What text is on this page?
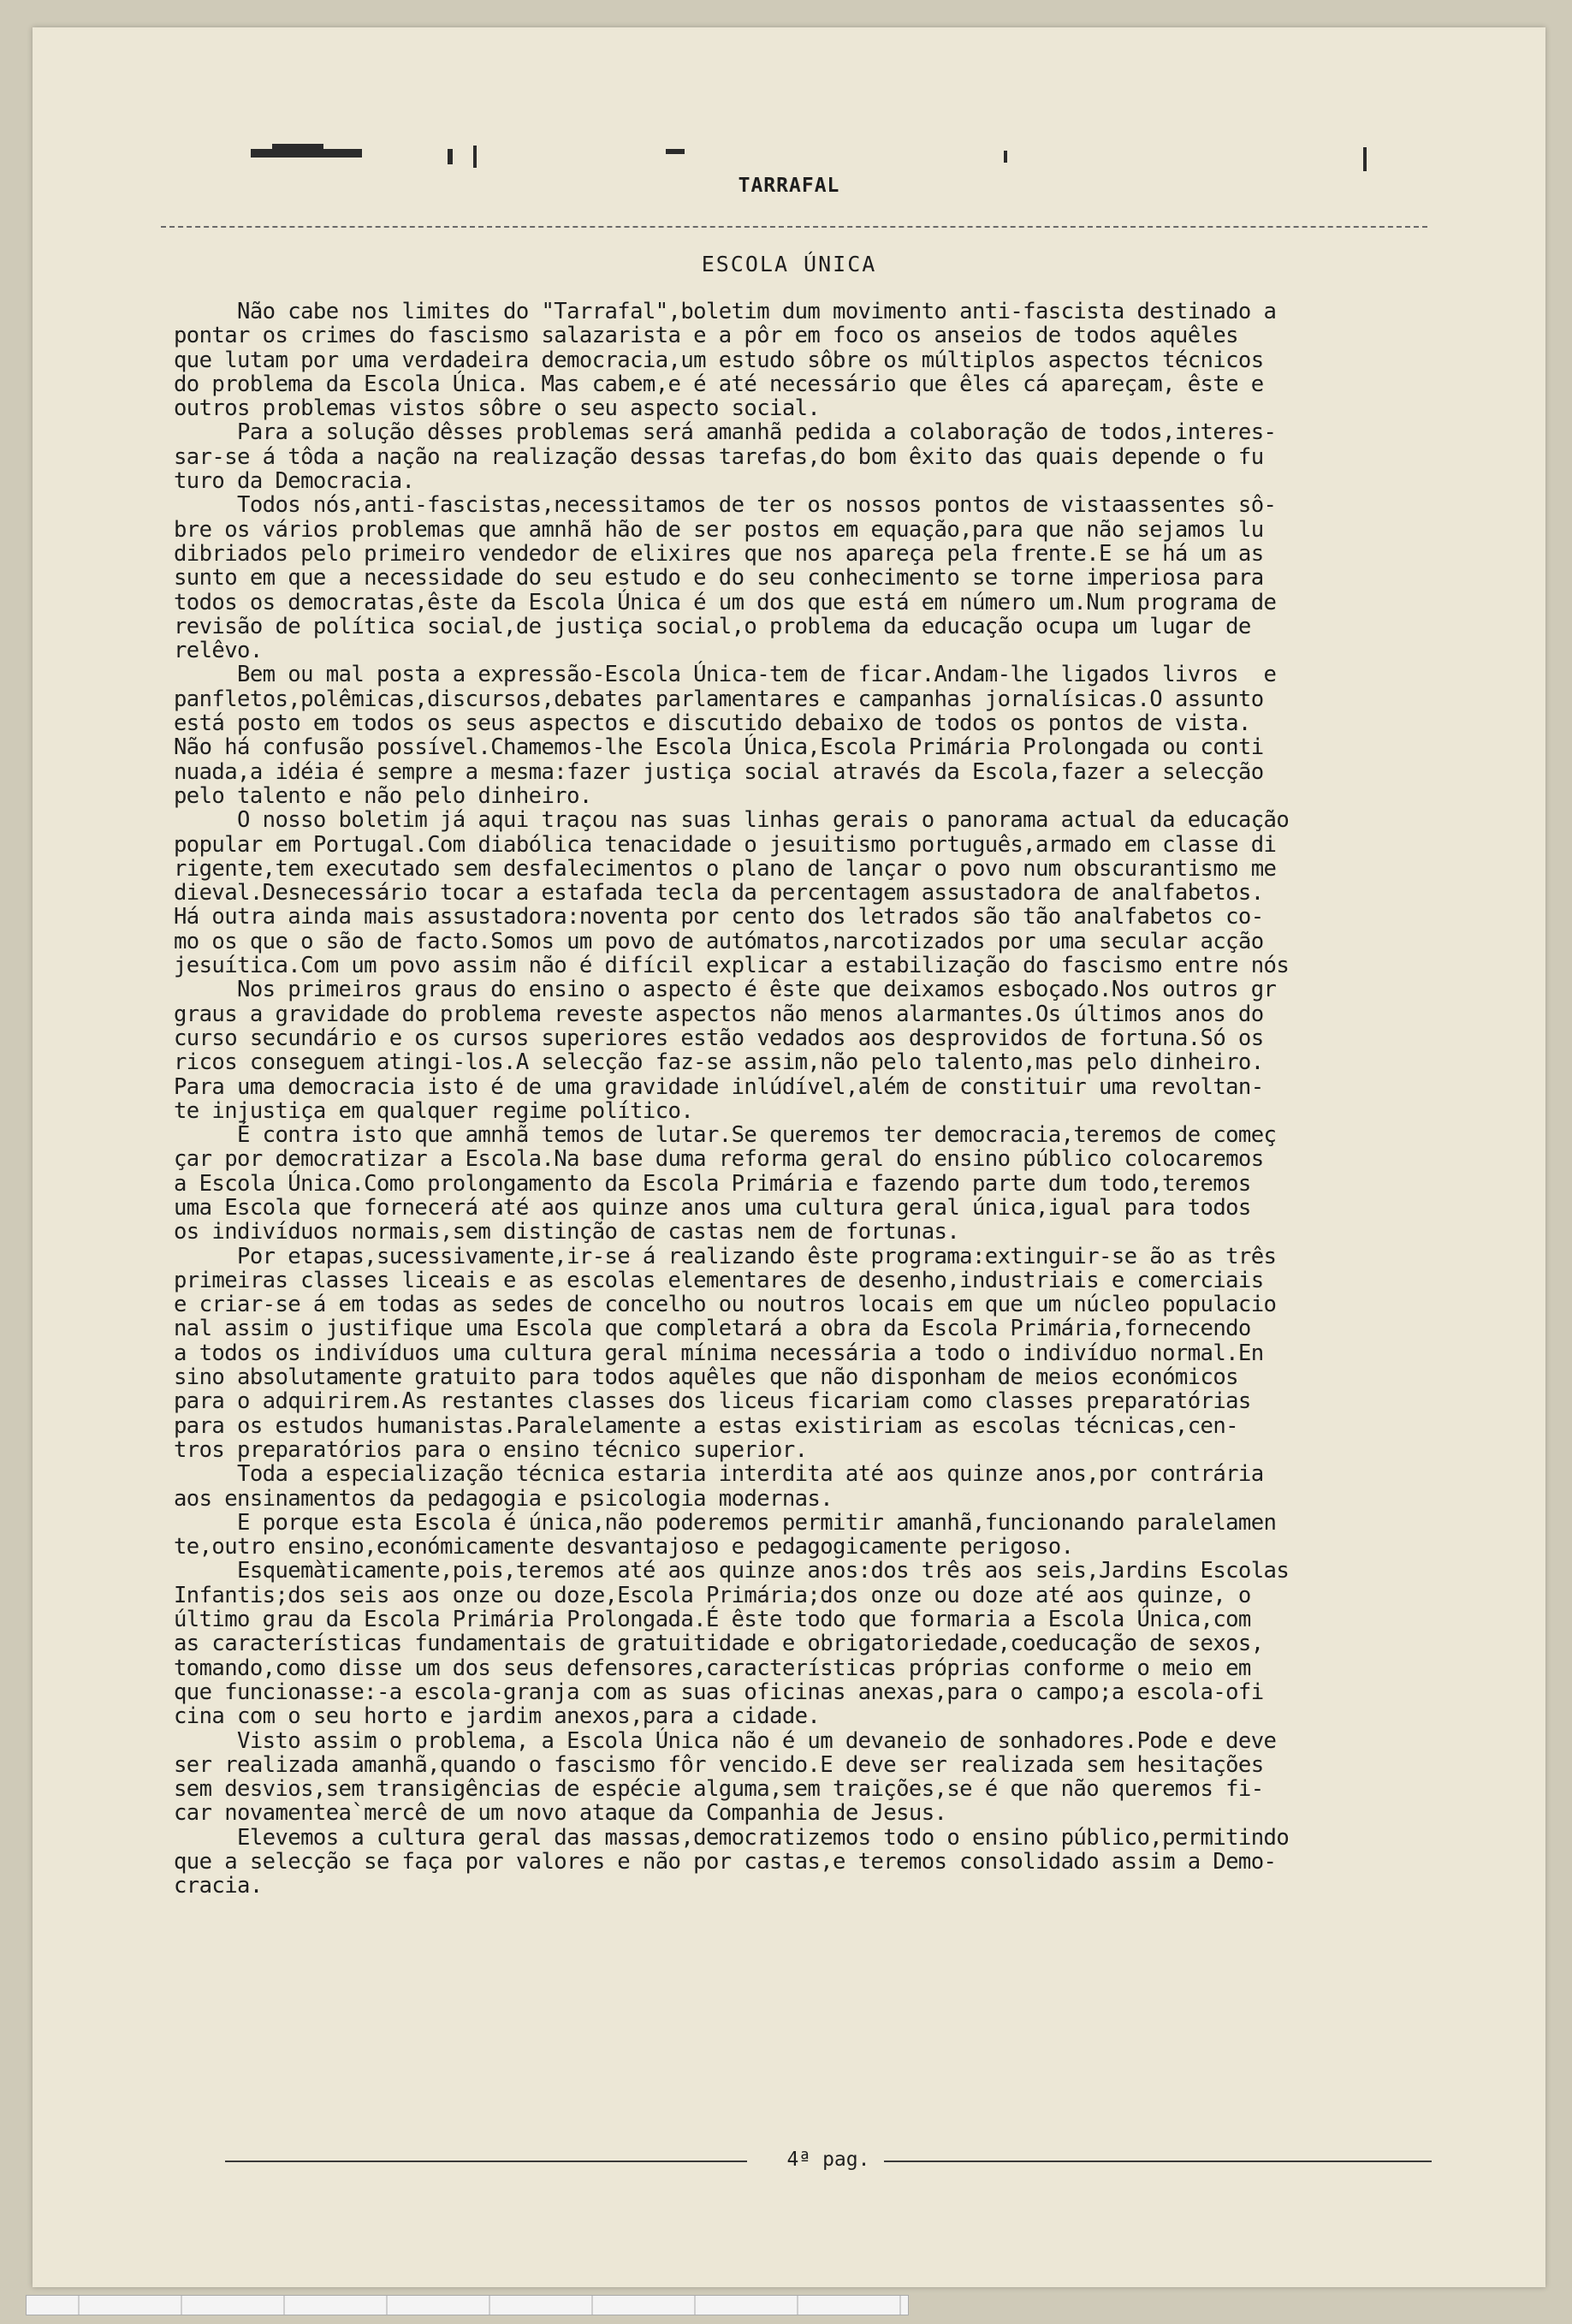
TARRAFAL
ESCOLA ÚNICA
Não cabe nos limites do "Tarrafal",boletim dum movimento anti-fascista destinado a
pontar os crimes do fascismo salazarista e a pôr em foco os anseios de todos aquêles
que lutam por uma verdadeira democracia,um estudo sôbre os múltiplos aspectos técnicos
do problema da Escola Única. Mas cabem,e é até necessário que êles cá apareçam, êste e
outros problemas vistos sôbre o seu aspecto social.
Para a solução dêsses problemas será amanhã pedida a colaboração de todos,interes-
sar-se á tôda a nação na realização dessas tarefas,do bom êxito das quais depende o fu
turo da Democracia.
Todos nós,anti-fascistas,necessitamos de ter os nossos pontos de vistaassentes sô-
bre os vários problemas que amnhã hão de ser postos em equação,para que não sejamos lu
dibriados pelo primeiro vendedor de elixires que nos apareça pela frente.E se há um as
sunto em que a necessidade do seu estudo e do seu conhecimento se torne imperiosa para
todos os democratas,êste da Escola Única é um dos que está em número um.Num programa de
revisão de política social,de justiça social,o problema da educação ocupa um lugar de
relêvo.
Bem ou mal posta a expressão-Escola Única-tem de ficar.Andam-lhe ligados livros  e
panfletos,polêmicas,discursos,debates parlamentares e campanhas jornalísicas.O assunto
está posto em todos os seus aspectos e discutido debaixo de todos os pontos de vista.
Não há confusão possível.Chamemos-lhe Escola Única,Escola Primária Prolongada ou conti
nuada,a idéia é sempre a mesma:fazer justiça social através da Escola,fazer a selecção
pelo talento e não pelo dinheiro.
O nosso boletim já aqui traçou nas suas linhas gerais o panorama actual da educação
popular em Portugal.Com diabólica tenacidade o jesuitismo português,armado em classe di
rigente,tem executado sem desfalecimentos o plano de lançar o povo num obscurantismo me
dieval.Desnecessário tocar a estafada tecla da percentagem assustadora de analfabetos.
Há outra ainda mais assustadora:noventa por cento dos letrados são tão analfabetos co-
mo os que o são de facto.Somos um povo de autómatos,narcotizados por uma secular acção
jesuítica.Com um povo assim não é difícil explicar a estabilização do fascismo entre nós
Nos primeiros graus do ensino o aspecto é êste que deixamos esboçado.Nos outros gr
graus a gravidade do problema reveste aspectos não menos alarmantes.Os últimos anos do
curso secundário e os cursos superiores estão vedados aos desprovidos de fortuna.Só os
ricos conseguem atingi-los.A selecção faz-se assim,não pelo talento,mas pelo dinheiro.
Para uma democracia isto é de uma gravidade inlúdível,além de constituir uma revoltan-
te injustiça em qualquer regime político.
É contra isto que amnhã temos de lutar.Se queremos ter democracia,teremos de começ
çar por democratizar a Escola.Na base duma reforma geral do ensino público colocaremos
a Escola Única.Como prolongamento da Escola Primária e fazendo parte dum todo,teremos
uma Escola que fornecerá até aos quinze anos uma cultura geral única,igual para todos
os indivíduos normais,sem distinção de castas nem de fortunas.
Por etapas,sucessivamente,ir-se á realizando êste programa:extinguir-se ão as três
primeiras classes liceais e as escolas elementares de desenho,industriais e comerciais
e criar-se á em todas as sedes de concelho ou noutros locais em que um núcleo populacio
nal assim o justifique uma Escola que completará a obra da Escola Primária,fornecendo
a todos os indivíduos uma cultura geral mínima necessária a todo o indivíduo normal.En
sino absolutamente gratuito para todos aquêles que não disponham de meios económicos
para o adquirirem.As restantes classes dos liceus ficariam como classes preparatórias
para os estudos humanistas.Paralelamente a estas existiriam as escolas técnicas,cen-
tros preparatórios para o ensino técnico superior.
Toda a especialização técnica estaria interdita até aos quinze anos,por contrária
aos ensinamentos da pedagogia e psicologia modernas.
E porque esta Escola é única,não poderemos permitir amanhã,funcionando paralelamen
te,outro ensino,económicamente desvantajoso e pedagogicamente perigoso.
Esquemàticamente,pois,teremos até aos quinze anos:dos três aos seis,Jardins Escolas
Infantis;dos seis aos onze ou doze,Escola Primária;dos onze ou doze até aos quinze, o
último grau da Escola Primária Prolongada.É êste todo que formaria a Escola Única,com
as características fundamentais de gratuitidade e obrigatoriedade,coeducação de sexos,
tomando,como disse um dos seus defensores,características próprias conforme o meio em
que funcionasse:-a escola-granja com as suas oficinas anexas,para o campo;a escola-ofi
cina com o seu horto e jardim anexos,para a cidade.
Visto assim o problema, a Escola Única não é um devaneio de sonhadores.Pode e deve
ser realizada amanhã,quando o fascismo fôr vencido.E deve ser realizada sem hesitações
sem desvios,sem transigências de espécie alguma,sem traições,se é que não queremos fi-
car novamentea`mercê de um novo ataque da Companhia de Jesus.
Elevemos a cultura geral das massas,democratizemos todo o ensino público,permitindo
que a selecção se faça por valores e não por castas,e teremos consolidado assim a Demo-
cracia.
4ª pag.
